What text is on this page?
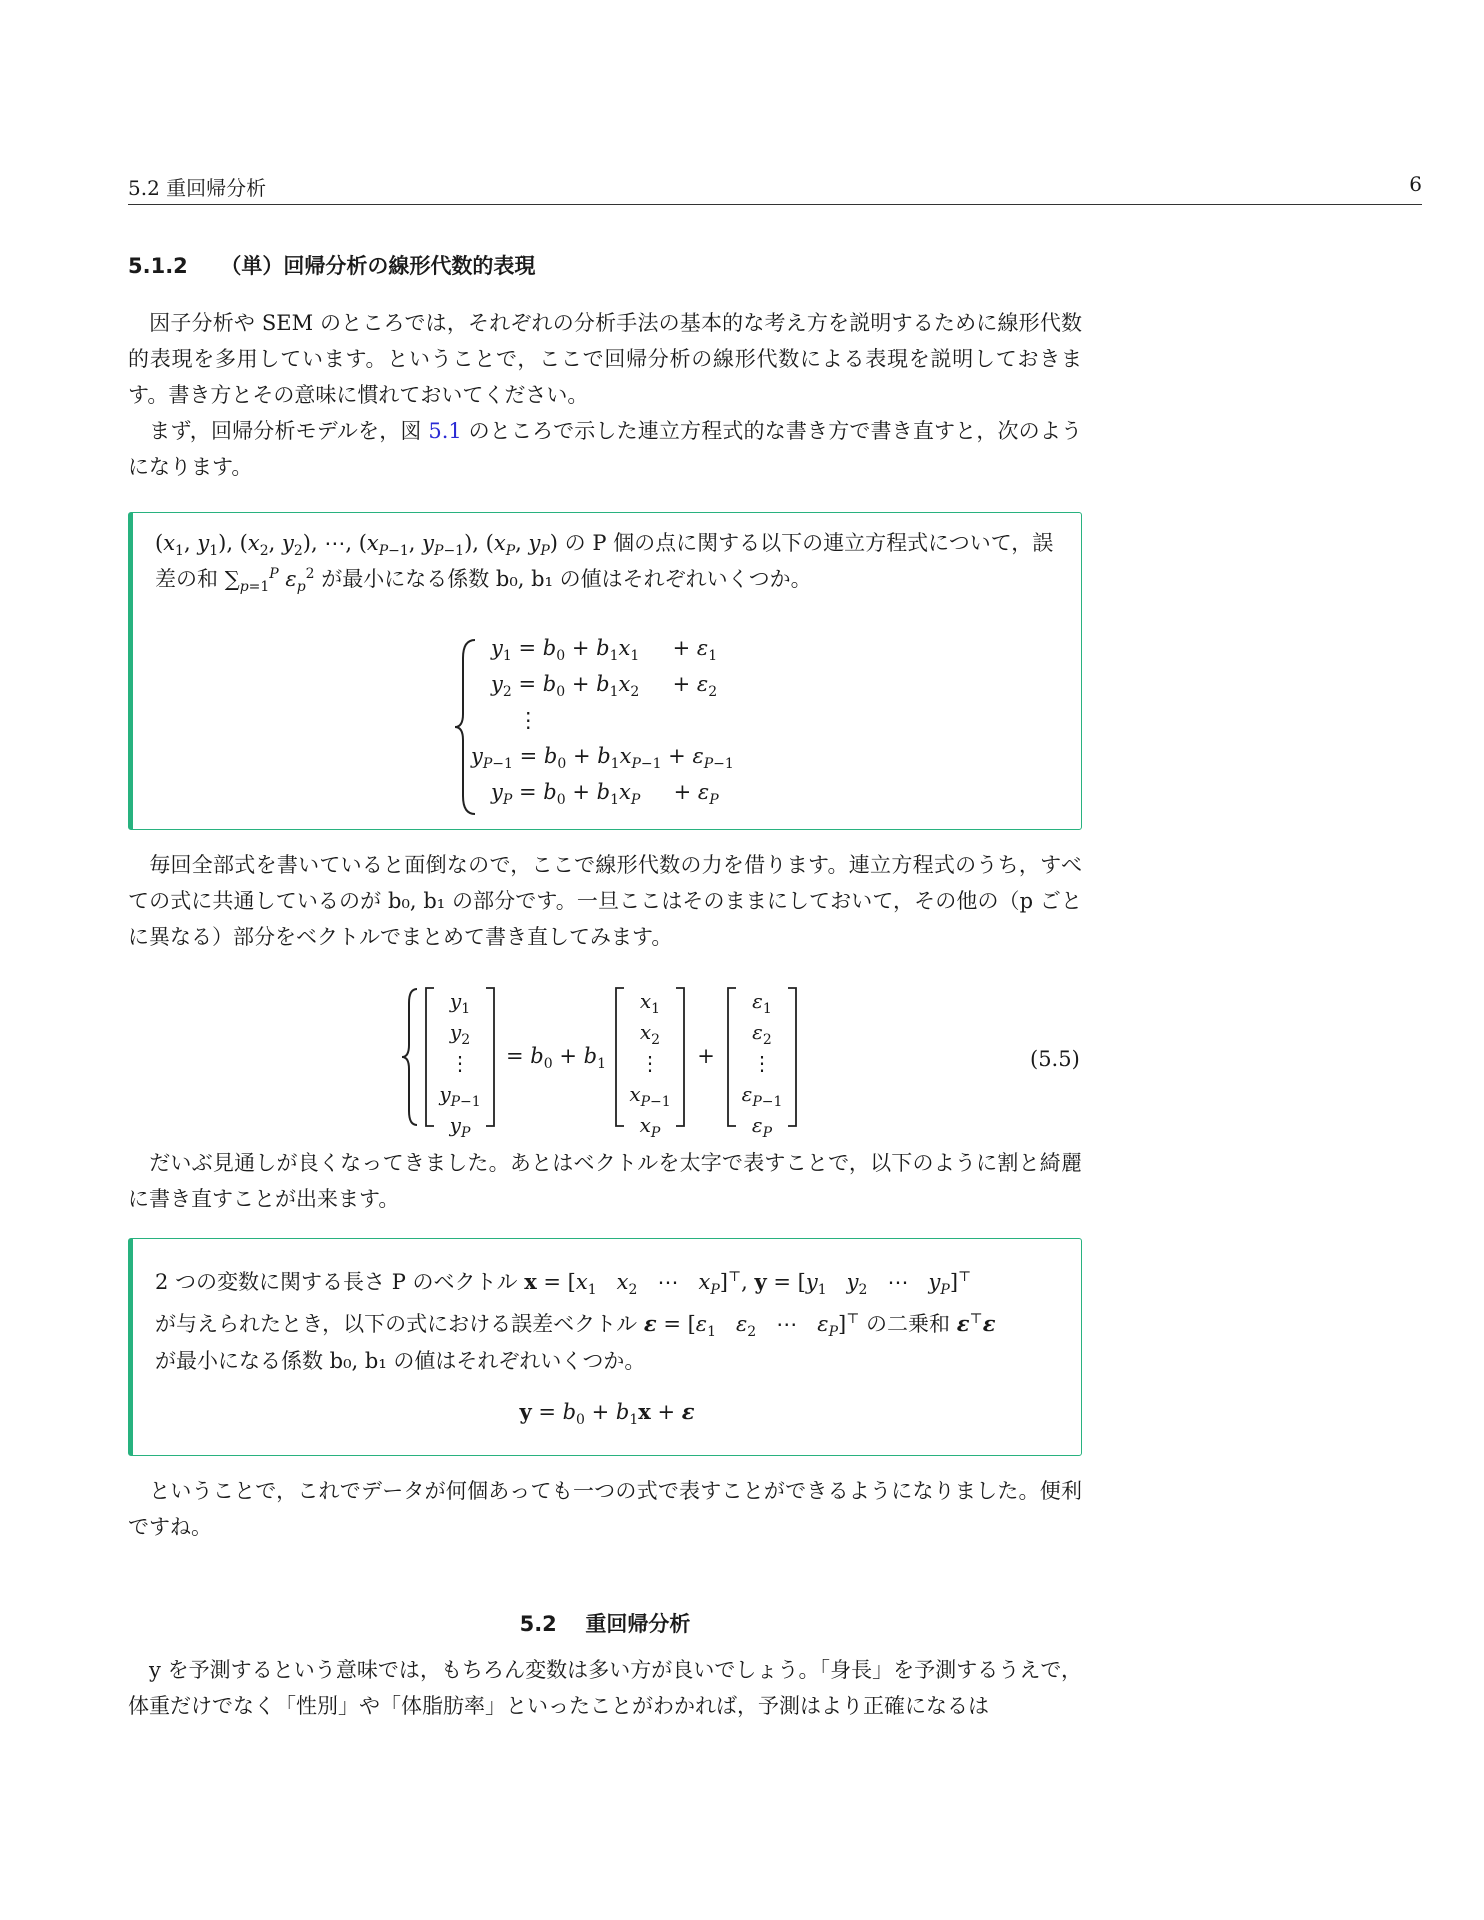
5.2 重回帰分析	6
5.1.2 （単）回帰分析の線形代数的表現
因子分析や SEM のところでは，それぞれの分析手法の基本的な考え方を説明するために線形代数的表現を多用しています。ということで，ここで回帰分析の線形代数による表現を説明しておきます。書き方とその意味に慣れておいてください。
まず，回帰分析モデルを，図 5.1 のところで示した連立方程式的な書き方で書き直すと，次のようになります。
($x_1$, $y_1$), ($x_2$, $y_2$), ⋯, ($x_{P-1}$, $y_{P-1}$), ($x_P$, $y_P$) の P 個の点に関する以下の連立方程式について，誤差の和 $\sum_{p=1}^P$ $\varepsilon_p^2$ が最小になる係数 b₀, b₁ の値はそれぞれいくつか。
$y_1 = b_0 + b_1x_1$     + $\varepsilon_1$
$y_2 = b_0 + b_1x_2$     + $\varepsilon_2$
⋮
$y_{P-1} = b_0 + b_1x_{P-1} + \varepsilon_{P-1}$
$y_P = b_0 + b_1x_P$     + $\varepsilon_P$
毎回全部式を書いていると面倒なので，ここで線形代数の力を借ります。連立方程式のうち，すべての式に共通しているのが b₀, b₁ の部分です。一旦ここはそのままにしておいて，その他の（p ごとに異なる）部分をベクトルでまとめて書き直してみます。
$y_1$
$y_2$
⋮
$y_{P-1}$
$y_P$
= $b_0 + b_1$
$x_1$
$x_2$
⋮
$x_{P-1}$
$x_P$
+
$\varepsilon_1$
$\varepsilon_2$
⋮
$\varepsilon_{P-1}$
$\varepsilon_P$
(5.5)
だいぶ見通しが良くなってきました。あとはベクトルを太字で表すことで，以下のように割と綺麗に書き直すことが出来ます。
2 つの変数に関する長さ P のベクトル $x = [x_1$ $x_2$   ⋯   $x_P]^⊤$, $y = [y_1$ $y_2$   ⋯   $y_P]^⊤$
が与えられたとき，以下の式における誤差ベクトル $\varepsilon = [\varepsilon_1$ $\varepsilon_2$   ⋯   $\varepsilon_P]^⊤$ の二乗和 ε⊤ε
が最小になる係数 b₀, b₁ の値はそれぞれいくつか。
$y = b_0 + b_1x + \varepsilon$
ということで，これでデータが何個あっても一つの式で表すことができるようになりました。便利ですね。
5.2 重回帰分析
y を予測するという意味では，もちろん変数は多い方が良いでしょう。「身長」を予測するうえで，体重だけでなく「性別」や「体脂肪率」といったことがわかれば，予測はより正確になるは
